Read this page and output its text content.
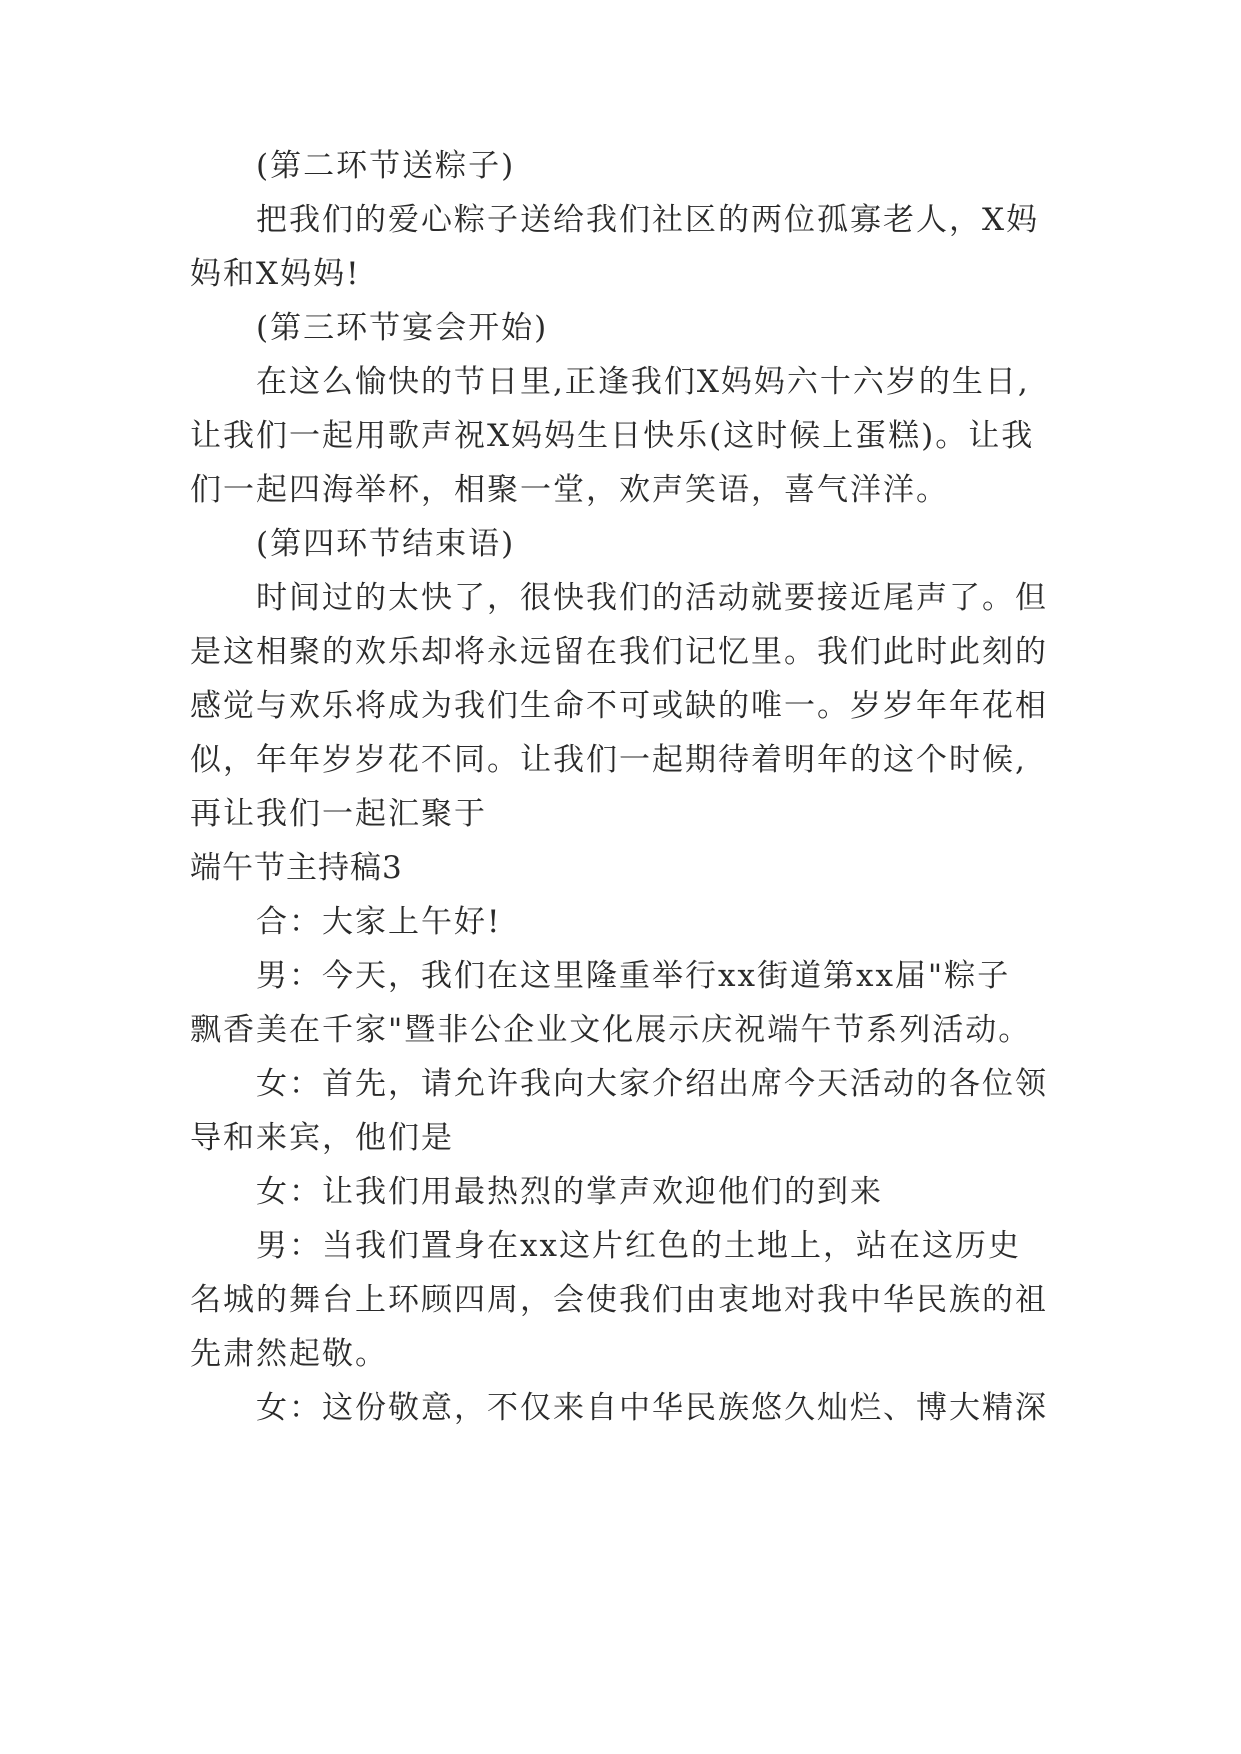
(第二环节送粽子)
把我们的爱心粽子送给我们社区的两位孤寡老人，X妈
妈和X妈妈!
(第三环节宴会开始)
在这么愉快的节日里,正逢我们X妈妈六十六岁的生日,
让我们一起用歌声祝X妈妈生日快乐(这时候上蛋糕)。让我
们一起四海举杯，相聚一堂，欢声笑语，喜气洋洋。
(第四环节结束语)
时间过的太快了，很快我们的活动就要接近尾声了。但
是这相聚的欢乐却将永远留在我们记忆里。我们此时此刻的
感觉与欢乐将成为我们生命不可或缺的唯一。岁岁年年花相
似，年年岁岁花不同。让我们一起期待着明年的这个时候,
再让我们一起汇聚于
端午节主持稿3
合：大家上午好!
男：今天，我们在这里隆重举行xx街道第xx届"粽子
飘香美在千家"暨非公企业文化展示庆祝端午节系列活动。
女：首先，请允许我向大家介绍出席今天活动的各位领
导和来宾，他们是
女：让我们用最热烈的掌声欢迎他们的到来
男：当我们置身在xx这片红色的土地上，站在这历史
名城的舞台上环顾四周，会使我们由衷地对我中华民族的祖
先肃然起敬。
女：这份敬意，不仅来自中华民族悠久灿烂、博大精深
